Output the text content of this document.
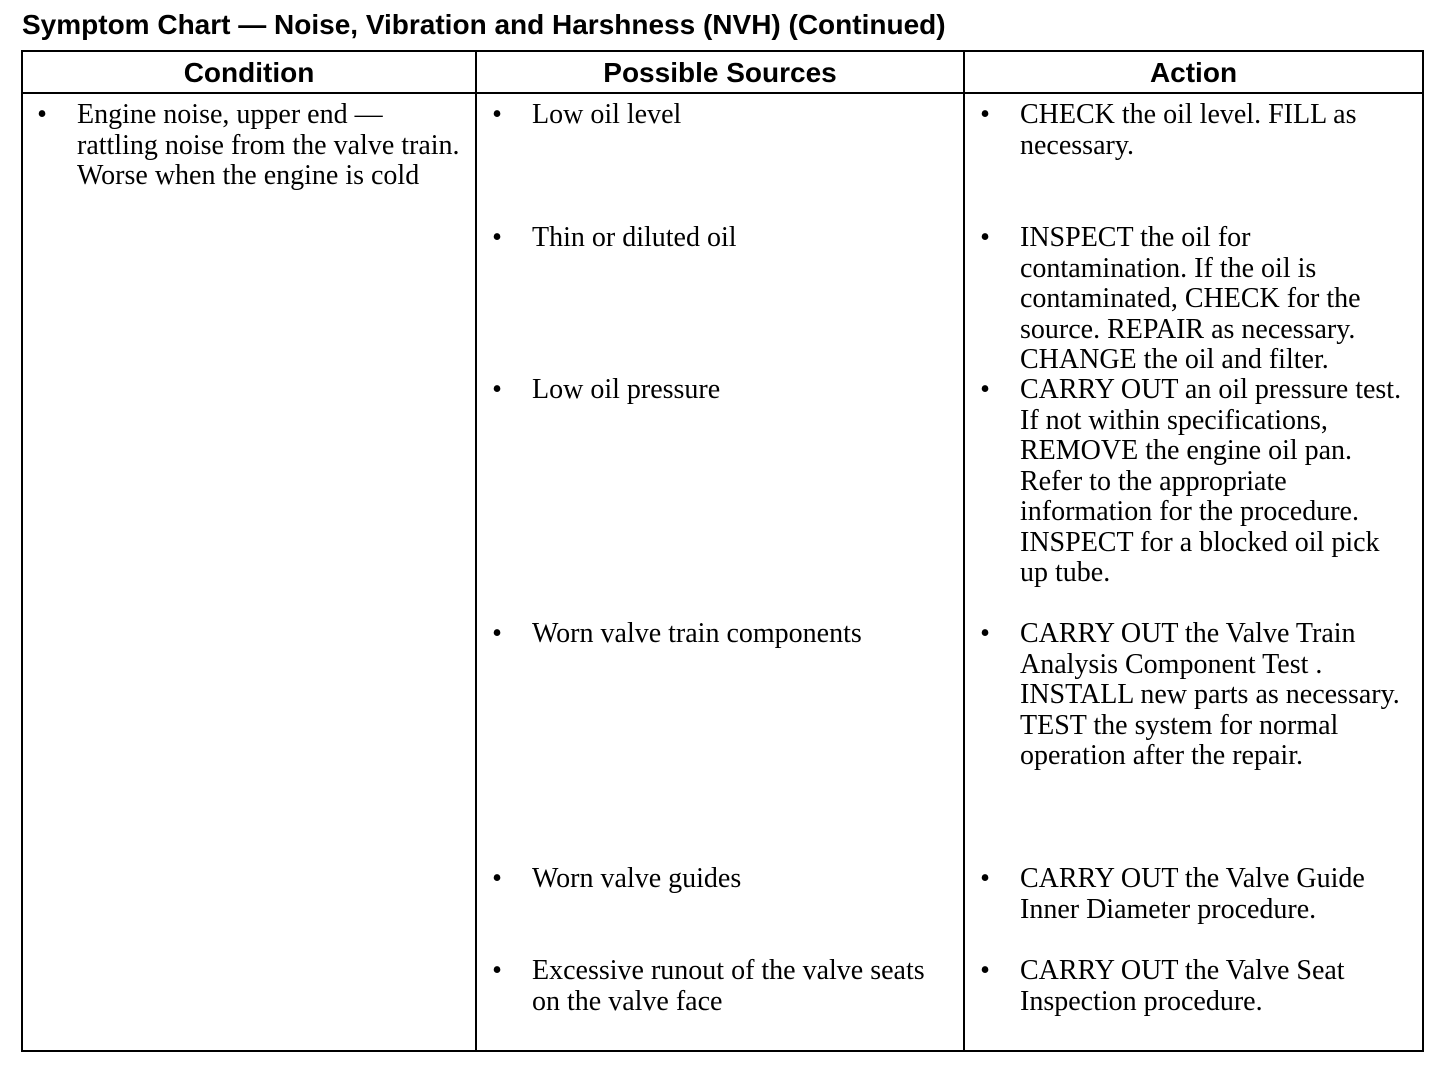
Symptom Chart — Noise, Vibration and Harshness (NVH) (Continued)
Condition	Possible Sources	Action
• Engine noise, upper end — rattling noise from the valve train. Worse when the engine is cold
• Low oil level
• Thin or diluted oil
• Low oil pressure
• Worn valve train components
• Worn valve guides
• Excessive runout of the valve seats on the valve face
• CHECK the oil level. FILL as necessary.
• INSPECT the oil for contamination. If the oil is contaminated, CHECK for the source. REPAIR as necessary. CHANGE the oil and filter.
• CARRY OUT an oil pressure test. If not within specifications, REMOVE the engine oil pan. Refer to the appropriate information for the procedure. INSPECT for a blocked oil pick up tube.
• CARRY OUT the Valve Train Analysis Component Test . INSTALL new parts as necessary. TEST the system for normal operation after the repair.
• CARRY OUT the Valve Guide Inner Diameter procedure.
• CARRY OUT the Valve Seat Inspection procedure.
